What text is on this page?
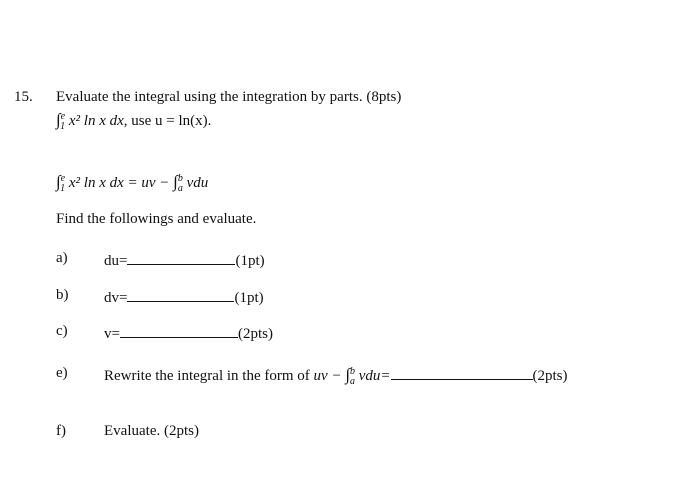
15. Evaluate the integral using the integration by parts. (8pts)
∫$^e_1$ x² ln x dx, use u = ln(x).
∫$^e_1$ x² ln x dx = uv − ∫$^b_a$ vdu
Find the followings and evaluate.
a) du=	(1pt)
b) dv=	(1pt)
c) v=	(2pts)
e) Rewrite the integral in the form of uv − ∫$^b_a$ vdu=	(2pts)
f)	Evaluate. (2pts)
